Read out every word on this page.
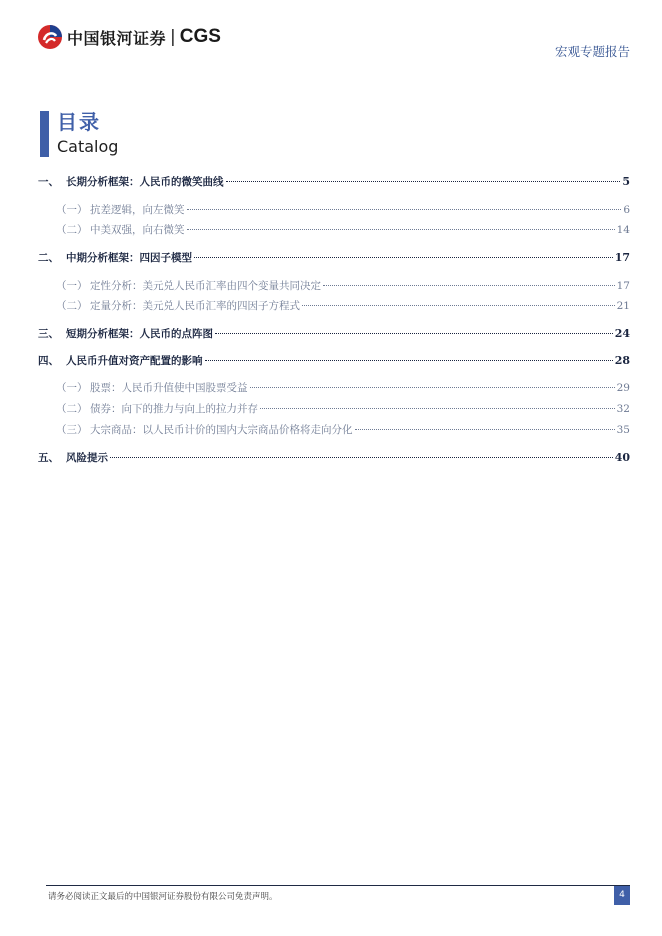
中国银河证券 | CGS
宏观专题报告
目录
Catalog
一、 长期分析框架：人民币的微笑曲线	5
（一） 抗差逻辑，向左微笑	6
（二） 中美双强，向右微笑	14
二、 中期分析框架：四因子模型	17
（一） 定性分析：美元兑人民币汇率由四个变量共同决定	17
（二） 定量分析：美元兑人民币汇率的四因子方程式	21
三、 短期分析框架：人民币的点阵图	24
四、 人民币升值对资产配置的影响	28
（一） 股票：人民币升值使中国股票受益	29
（二） 债券：向下的推力与向上的拉力并存	32
（三） 大宗商品：以人民币计价的国内大宗商品价格将走向分化	35
五、 风险提示	40
请务必阅读正文最后的中国银河证券股份有限公司免责声明。	4
